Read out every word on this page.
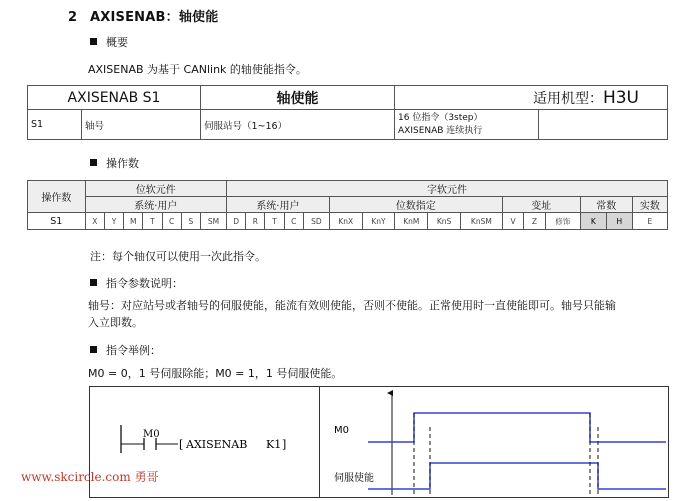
2 AXISENAB：轴使能
概要
AXISENAB 为基于 CANlink 的轴使能指令。
AXISENAB S1		轴使能	适用机型：H3U	
S1	轴号	伺服站号（1~16）	16 位指令（3step）
AXISENAB 连续执行	

操作数
操作数	位软元件							字软元件															
	系统·用户							系统·用户					位数指定					变址			常数		实数
S1	X	Y	M	T	C	S	SM	D	R	T	C	SD	KnX	KnY	KnM	KnS	KnSM	V	Z	修饰	K	H	E
注：每个轴仅可以使用一次此指令。
指令参数说明：
轴号：对应站号或者轴号的伺服使能，能流有效则使能，否则不使能。正常使用时一直使能即可。轴号只能输
入立即数。
指令举例：
M0 = 0，1 号伺服除能；M0 = 1，1 号伺服使能。
M0
[ AXISENAB K1 ]
M0
伺服使能
www.skcircle.com 勇哥
